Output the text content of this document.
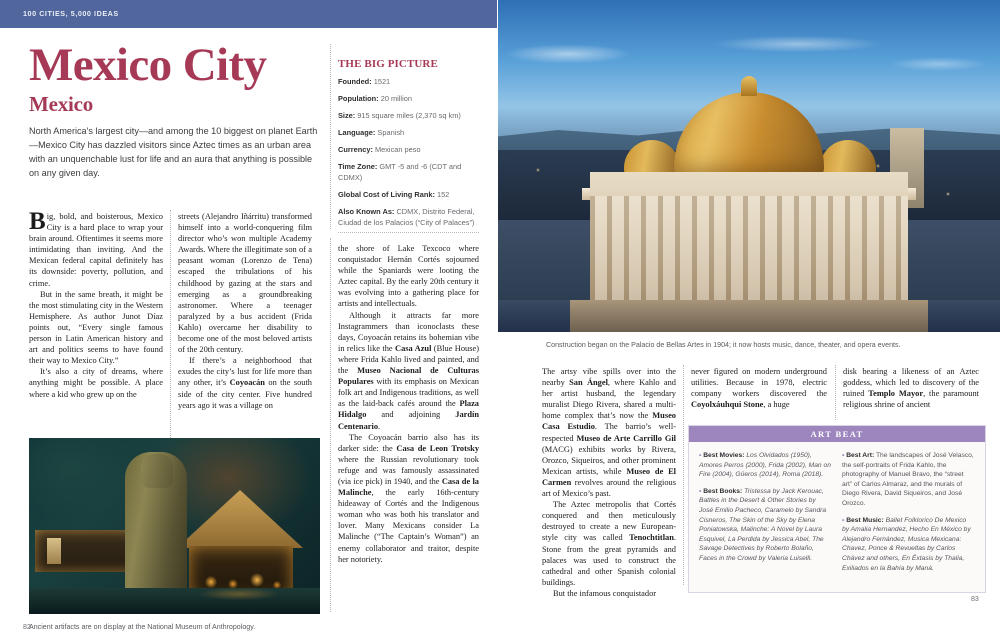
100 CITIES, 5,000 IDEAS
Mexico City
Mexico
North America's largest city—and among the 10 biggest on planet Earth—Mexico City has dazzled visitors since Aztec times as an urban area with an unquenchable lust for life and an aura that anything is possible on any given day.
THE BIG PICTURE
Founded: 1521
Population: 20 million
Size: 915 square miles (2,370 sq km)
Language: Spanish
Currency: Mexican peso
Time Zone: GMT -5 and -6 (CDT and CDMX)
Global Cost of Living Rank: 152
Also Known As: CDMX, Distrito Federal, Ciudad de los Palacios (“City of Palaces”)

Big, bold, and boisterous, Mexico City is a hard place to wrap your brain around. Oftentimes it seems more intimidating than inviting. And the Mexican federal capital definitely has its downside: poverty, pollution, and crime.

But in the same breath, it might be the most stimulating city in the Western Hemisphere. As author Junot Díaz points out, “Every single famous person in Latin American history and art and politics seems to have found their way to Mexico City.”

It’s also a city of dreams, where anything might be possible. A place where a kid who grew up on the

streets (Alejandro Iñárritu) transformed himself into a world-conquering film director who’s won multiple Academy Awards. Where the illegitimate son of a peasant woman (Lorenzo de Tena) escaped the tribulations of his childhood by gazing at the stars and emerging as a groundbreaking astronomer. Where a teenager paralyzed by a bus accident (Frida Kahlo) overcame her disability to become one of the most beloved artists of the 20th century.

If there’s a neighborhood that exudes the city’s lust for life more than any other, it’s Coyoacán on the south side of the city center. Five hundred years ago it was a village on

the shore of Lake Texcoco where conquistador Hernán Cortés sojourned while the Spaniards were looting the Aztec capital. By the early 20th century it was evolving into a gathering place for artists and intellectuals.

Although it attracts far more Instagrammers than iconoclasts these days, Coyoacán retains its bohemian vibe in relics like the Casa Azul (Blue House) where Frida Kahlo lived and painted, and the Museo Nacional de Culturas Populares with its emphasis on Mexican folk art and Indigenous traditions, as well as the laid-back cafés around the Plaza Hidalgo and adjoining Jardín Centenario.

The Coyoacán barrio also has its darker side: the Casa de Leon Trotsky where the Russian revolutionary took refuge and was famously assassinated (via ice pick) in 1940, and the Casa de la Malinche, the early 16th-century hideaway of Cortés and the Indigenous woman who was both his translator and lover. Many Mexicans consider La Malinche (“The Captain’s Woman”) an enemy collaborator and traitor, despite her notoriety.

Ancient artifacts are on display at the National Museum of Anthropology.
82
Construction began on the Palacio de Bellas Artes in 1904; it now hosts music, dance, theater, and opera events.

The artsy vibe spills over into the nearby San Ángel, where Kahlo and her artist husband, the legendary muralist Diego Rivera, shared a multi-home complex that’s now the Museo Casa Estudio. The barrio’s well-respected Museo de Arte Carrillo Gil (MACG) exhibits works by Rivera, Orozco, Siqueiros, and other prominent Mexican artists, while Museo de El Carmen revolves around the religious art of Mexico’s past.

The Aztec metropolis that Cortés conquered and then meticulously destroyed to create a new European-style city was called Tenochtitlan. Stone from the great pyramids and palaces was used to construct the cathedral and other Spanish colonial buildings.

But the infamous conquistador

never figured on modern underground utilities. Because in 1978, electric company workers discovered the Coyolxáuhqui Stone, a huge

disk bearing a likeness of an Aztec goddess, which led to discovery of the ruined Templo Mayor, the paramount religious shrine of ancient

ART BEAT
• Best Movies: Los Olvidados (1950), Amores Perros (2000), Frida (2002), Man on Fire (2004), Güeros (2014), Roma (2018).
• Best Books: Tristessa by Jack Kerouac, Battles in the Desert & Other Stories by José Emilio Pacheco, Caramelo by Sandra Cisneros, The Skin of the Sky by Elena Poniatowska, Malinche: A Novel by Laura Esquivel, La Perdida by Jessica Abel, The Savage Detectives by Roberto Bolaño, Faces in the Crowd by Valeria Luiselli.
• Best Art: The landscapes of José Velasco, the self-portraits of Frida Kahlo, the photography of Manuel Bravo, the “street art” of Carlos Almaraz, and the murals of Diego Rivera, David Siqueiros, and José Orozco.
• Best Music: Ballet Folklorico De Mexico by Amalia Hernandez, Hecho En México by Alejandro Fernández, Musica Mexicana: Chavez, Ponce & Revueltas by Carlos Chávez and others, En Éxtasis by Thalia, Exiliados en la Bahía by Maná.
83
